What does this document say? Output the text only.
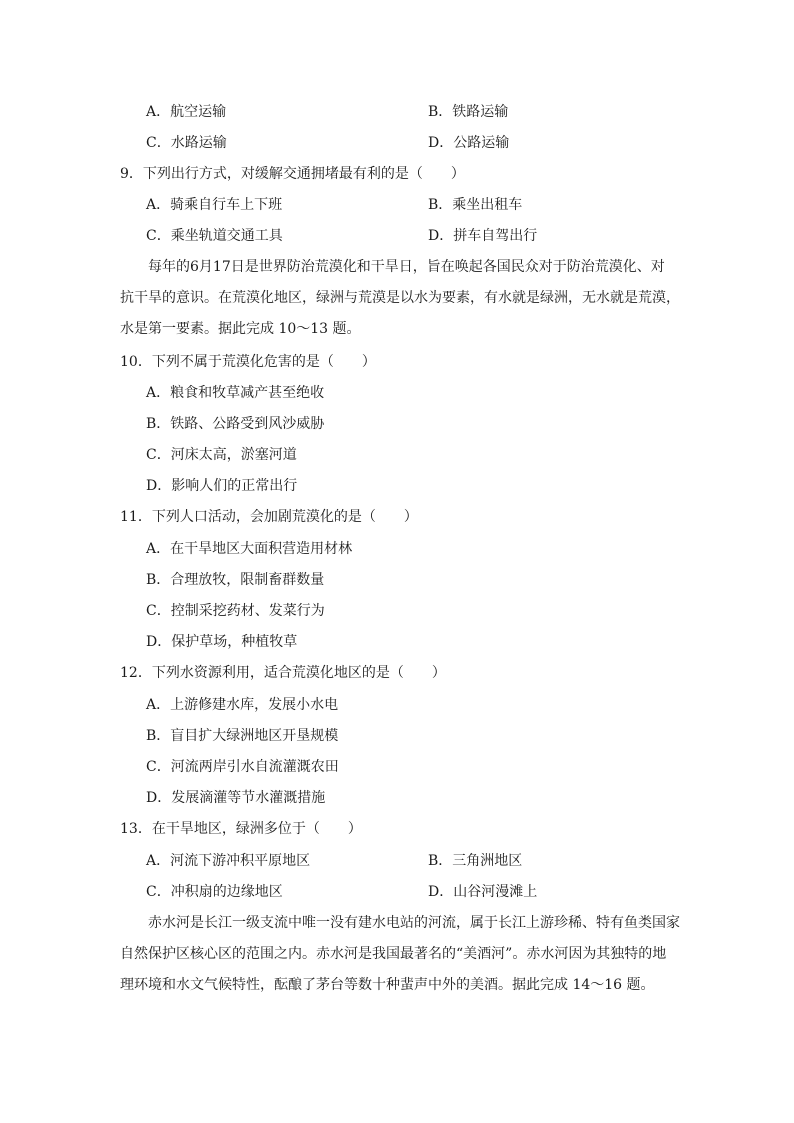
A．航空运输	B．铁路运输
C．水路运输	D．公路运输
9．下列出行方式，对缓解交通拥堵最有利的是（　　）
A．骑乘自行车上下班	B．乘坐出租车
C．乘坐轨道交通工具	D．拼车自驾出行
每年的6月17日是世界防治荒漠化和干旱日，旨在唤起各国民众对于防治荒漠化、对
抗干旱的意识。在荒漠化地区，绿洲与荒漠是以水为要素，有水就是绿洲，无水就是荒漠，
水是第一要素。据此完成 10～13 题。
10．下列不属于荒漠化危害的是（　　）
A．粮食和牧草减产甚至绝收
B．铁路、公路受到风沙威胁
C．河床太高，淤塞河道
D．影响人们的正常出行
11．下列人口活动，会加剧荒漠化的是（　　）
A．在干旱地区大面积营造用材林
B．合理放牧，限制畜群数量
C．控制采挖药材、发菜行为
D．保护草场，种植牧草
12．下列水资源利用，适合荒漠化地区的是（　　）
A．上游修建水库，发展小水电
B．盲目扩大绿洲地区开垦规模
C．河流两岸引水自流灌溉农田
D．发展滴灌等节水灌溉措施
13．在干旱地区，绿洲多位于（　　）
A．河流下游冲积平原地区	B．三角洲地区
C．冲积扇的边缘地区	D．山谷河漫滩上
赤水河是长江一级支流中唯一没有建水电站的河流，属于长江上游珍稀、特有鱼类国家
自然保护区核心区的范围之内。赤水河是我国最著名的“美酒河”。赤水河因为其独特的地
理环境和水文气候特性，酝酿了茅台等数十种蜚声中外的美酒。据此完成 14～16 题。
